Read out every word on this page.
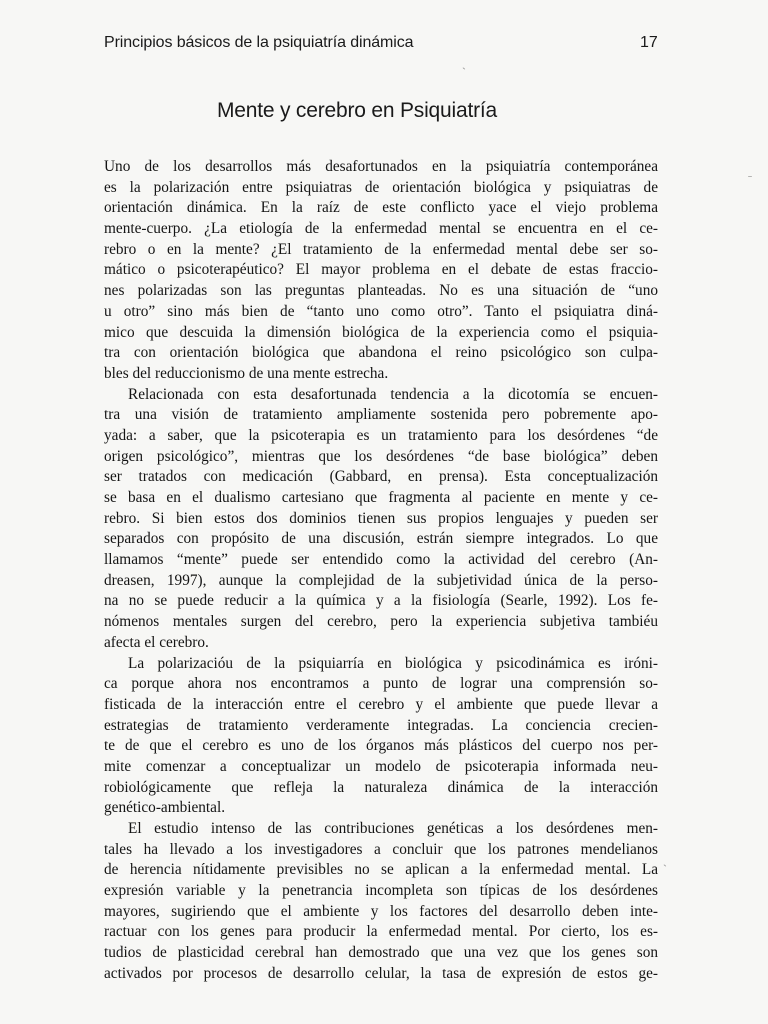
Principios básicos de la psiquiatría dinámica	17
Mente y cerebro en Psiquiatría
Uno de los desarrollos más desafortunados en la psiquiatría contemporánea
es la polarización entre psiquiatras de orientación biológica y psiquiatras de
orientación dinámica. En la raíz de este conflicto yace el viejo problema
mente-cuerpo. ¿La etiología de la enfermedad mental se encuentra en el ce-
rebro o en la mente? ¿El tratamiento de la enfermedad mental debe ser so-
mático o psicoterapéutico? El mayor problema en el debate de estas fraccio-
nes polarizadas son las preguntas planteadas. No es una situación de “uno
u otro” sino más bien de “tanto uno como otro”. Tanto el psiquiatra diná-
mico que descuida la dimensión biológica de la experiencia como el psiquia-
tra con orientación biológica que abandona el reino psicológico son culpa-
bles del reduccionismo de una mente estrecha.
Relacionada con esta desafortunada tendencia a la dicotomía se encuen-
tra una visión de tratamiento ampliamente sostenida pero pobremente apo-
yada: a saber, que la psicoterapia es un tratamiento para los desórdenes “de
origen psicológico”, mientras que los desórdenes “de base biológica” deben
ser tratados con medicación (Gabbard, en prensa). Esta conceptualización
se basa en el dualismo cartesiano que fragmenta al paciente en mente y ce-
rebro. Si bien estos dos dominios tienen sus propios lenguajes y pueden ser
separados con propósito de una discusión, estrán siempre integrados. Lo que
llamamos “mente” puede ser entendido como la actividad del cerebro (An-
dreasen, 1997), aunque la complejidad de la subjetividad única de la perso-
na no se puede reducir a la química y a la fisiología (Searle, 1992). Los fe-
nómenos mentales surgen del cerebro, pero la experiencia subjetiva tambiéu
afecta el cerebro.
La polarizacióu de la psiquiarría en biológica y psicodinámica es iróni-
ca porque ahora nos encontramos a punto de lograr una comprensión so-
fisticada de la interacción entre el cerebro y el ambiente que puede llevar a
estrategias de tratamiento verderamente integradas. La conciencia crecien-
te de que el cerebro es uno de los órganos más plásticos del cuerpo nos per-
mite comenzar a conceptualizar un modelo de psicoterapia informada neu-
robiológicamente que refleja la naturaleza dinámica de la interacción
genético-ambiental.
El estudio intenso de las contribuciones genéticas a los desórdenes men-
tales ha llevado a los investigadores a concluir que los patrones mendelianos
de herencia nítidamente previsibles no se aplican a la enfermedad mental. La
expresión variable y la penetrancia incompleta son típicas de los desórdenes
mayores, sugiriendo que el ambiente y los factores del desarrollo deben inte-
ractuar con los genes para producir la enfermedad mental. Por cierto, los es-
tudios de plasticidad cerebral han demostrado que una vez que los genes son
activados por procesos de desarrollo celular, la tasa de expresión de estos ge-
ˎ
ˉ
ˎ
